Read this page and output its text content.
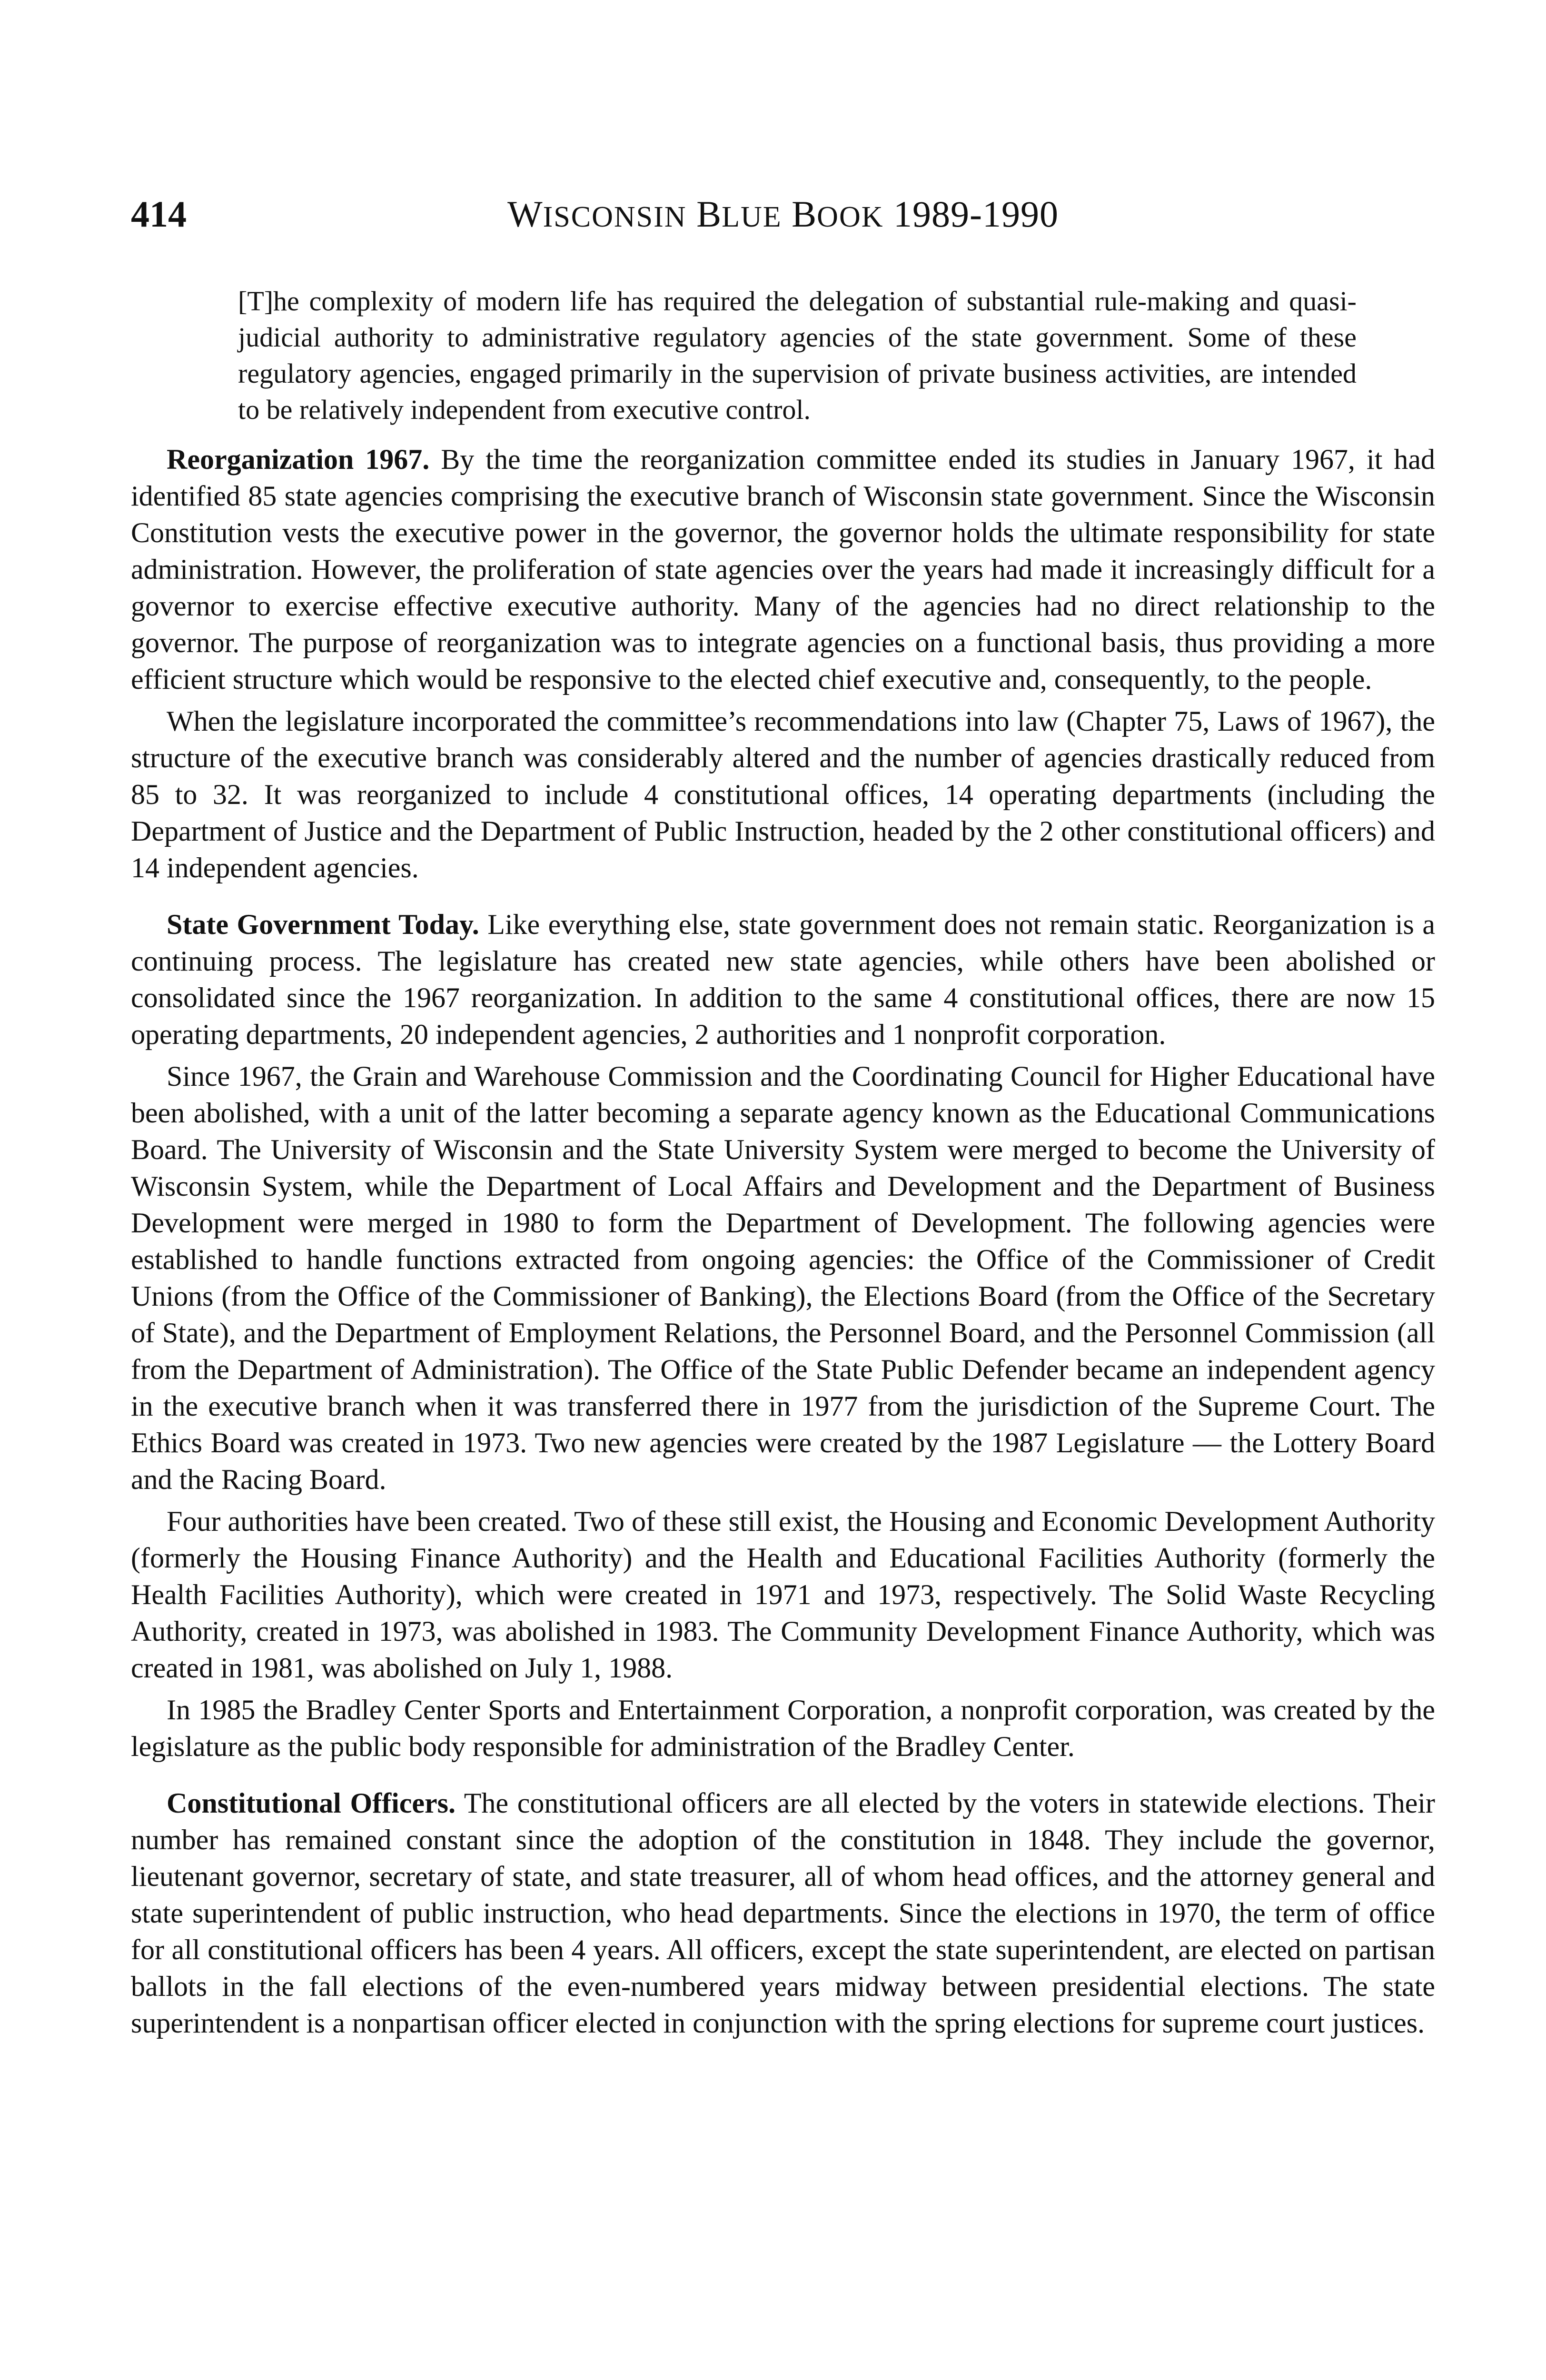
414	WISCONSIN BLUE BOOK 1989-1990
[T]he complexity of modern life has required the delegation of substantial rule-making and quasi-judicial authority to administrative regulatory agencies of the state government. Some of these regulatory agencies, engaged primarily in the supervision of private business activities, are intended to be relatively independent from executive control.

Reorganization 1967. By the time the reorganization committee ended its studies in January 1967, it had identified 85 state agencies comprising the executive branch of Wisconsin state government. Since the Wisconsin Constitution vests the executive power in the governor, the governor holds the ultimate responsibility for state administration. However, the proliferation of state agencies over the years had made it increasingly difficult for a governor to exercise effective executive authority. Many of the agencies had no direct relationship to the governor. The purpose of reorganization was to integrate agencies on a functional basis, thus providing a more efficient structure which would be responsive to the elected chief executive and, consequently, to the people.

When the legislature incorporated the committee’s recommendations into law (Chapter 75, Laws of 1967), the structure of the executive branch was considerably altered and the number of agencies drastically reduced from 85 to 32. It was reorganized to include 4 constitutional offices, 14 operating departments (including the Department of Justice and the Department of Public Instruction, headed by the 2 other constitutional officers) and 14 independent agencies.

State Government Today. Like everything else, state government does not remain static. Reorganization is a continuing process. The legislature has created new state agencies, while others have been abolished or consolidated since the 1967 reorganization. In addition to the same 4 constitutional offices, there are now 15 operating departments, 20 independent agencies, 2 authorities and 1 nonprofit corporation.

Since 1967, the Grain and Warehouse Commission and the Coordinating Council for Higher Educational have been abolished, with a unit of the latter becoming a separate agency known as the Educational Communications Board. The University of Wisconsin and the State University System were merged to become the University of Wisconsin System, while the Department of Local Affairs and Development and the Department of Business Development were merged in 1980 to form the Department of Development. The following agencies were established to handle functions extracted from ongoing agencies: the Office of the Commissioner of Credit Unions (from the Office of the Commissioner of Banking), the Elections Board (from the Office of the Secretary of State), and the Department of Employment Relations, the Personnel Board, and the Personnel Commission (all from the Department of Administration). The Office of the State Public Defender became an independent agency in the executive branch when it was transferred there in 1977 from the jurisdiction of the Supreme Court. The Ethics Board was created in 1973. Two new agencies were created by the 1987 Legislature — the Lottery Board and the Racing Board.

Four authorities have been created. Two of these still exist, the Housing and Economic Development Authority (formerly the Housing Finance Authority) and the Health and Educational Facilities Authority (formerly the Health Facilities Authority), which were created in 1971 and 1973, respectively. The Solid Waste Recycling Authority, created in 1973, was abolished in 1983. The Community Development Finance Authority, which was created in 1981, was abolished on July 1, 1988.

In 1985 the Bradley Center Sports and Entertainment Corporation, a nonprofit corporation, was created by the legislature as the public body responsible for administration of the Bradley Center.

Constitutional Officers. The constitutional officers are all elected by the voters in statewide elections. Their number has remained constant since the adoption of the constitution in 1848. They include the governor, lieutenant governor, secretary of state, and state treasurer, all of whom head offices, and the attorney general and state superintendent of public instruction, who head departments. Since the elections in 1970, the term of office for all constitutional officers has been 4 years. All officers, except the state superintendent, are elected on partisan ballots in the fall elections of the even-numbered years midway between presidential elections. The state superintendent is a nonpartisan officer elected in conjunction with the spring elections for supreme court justices.
